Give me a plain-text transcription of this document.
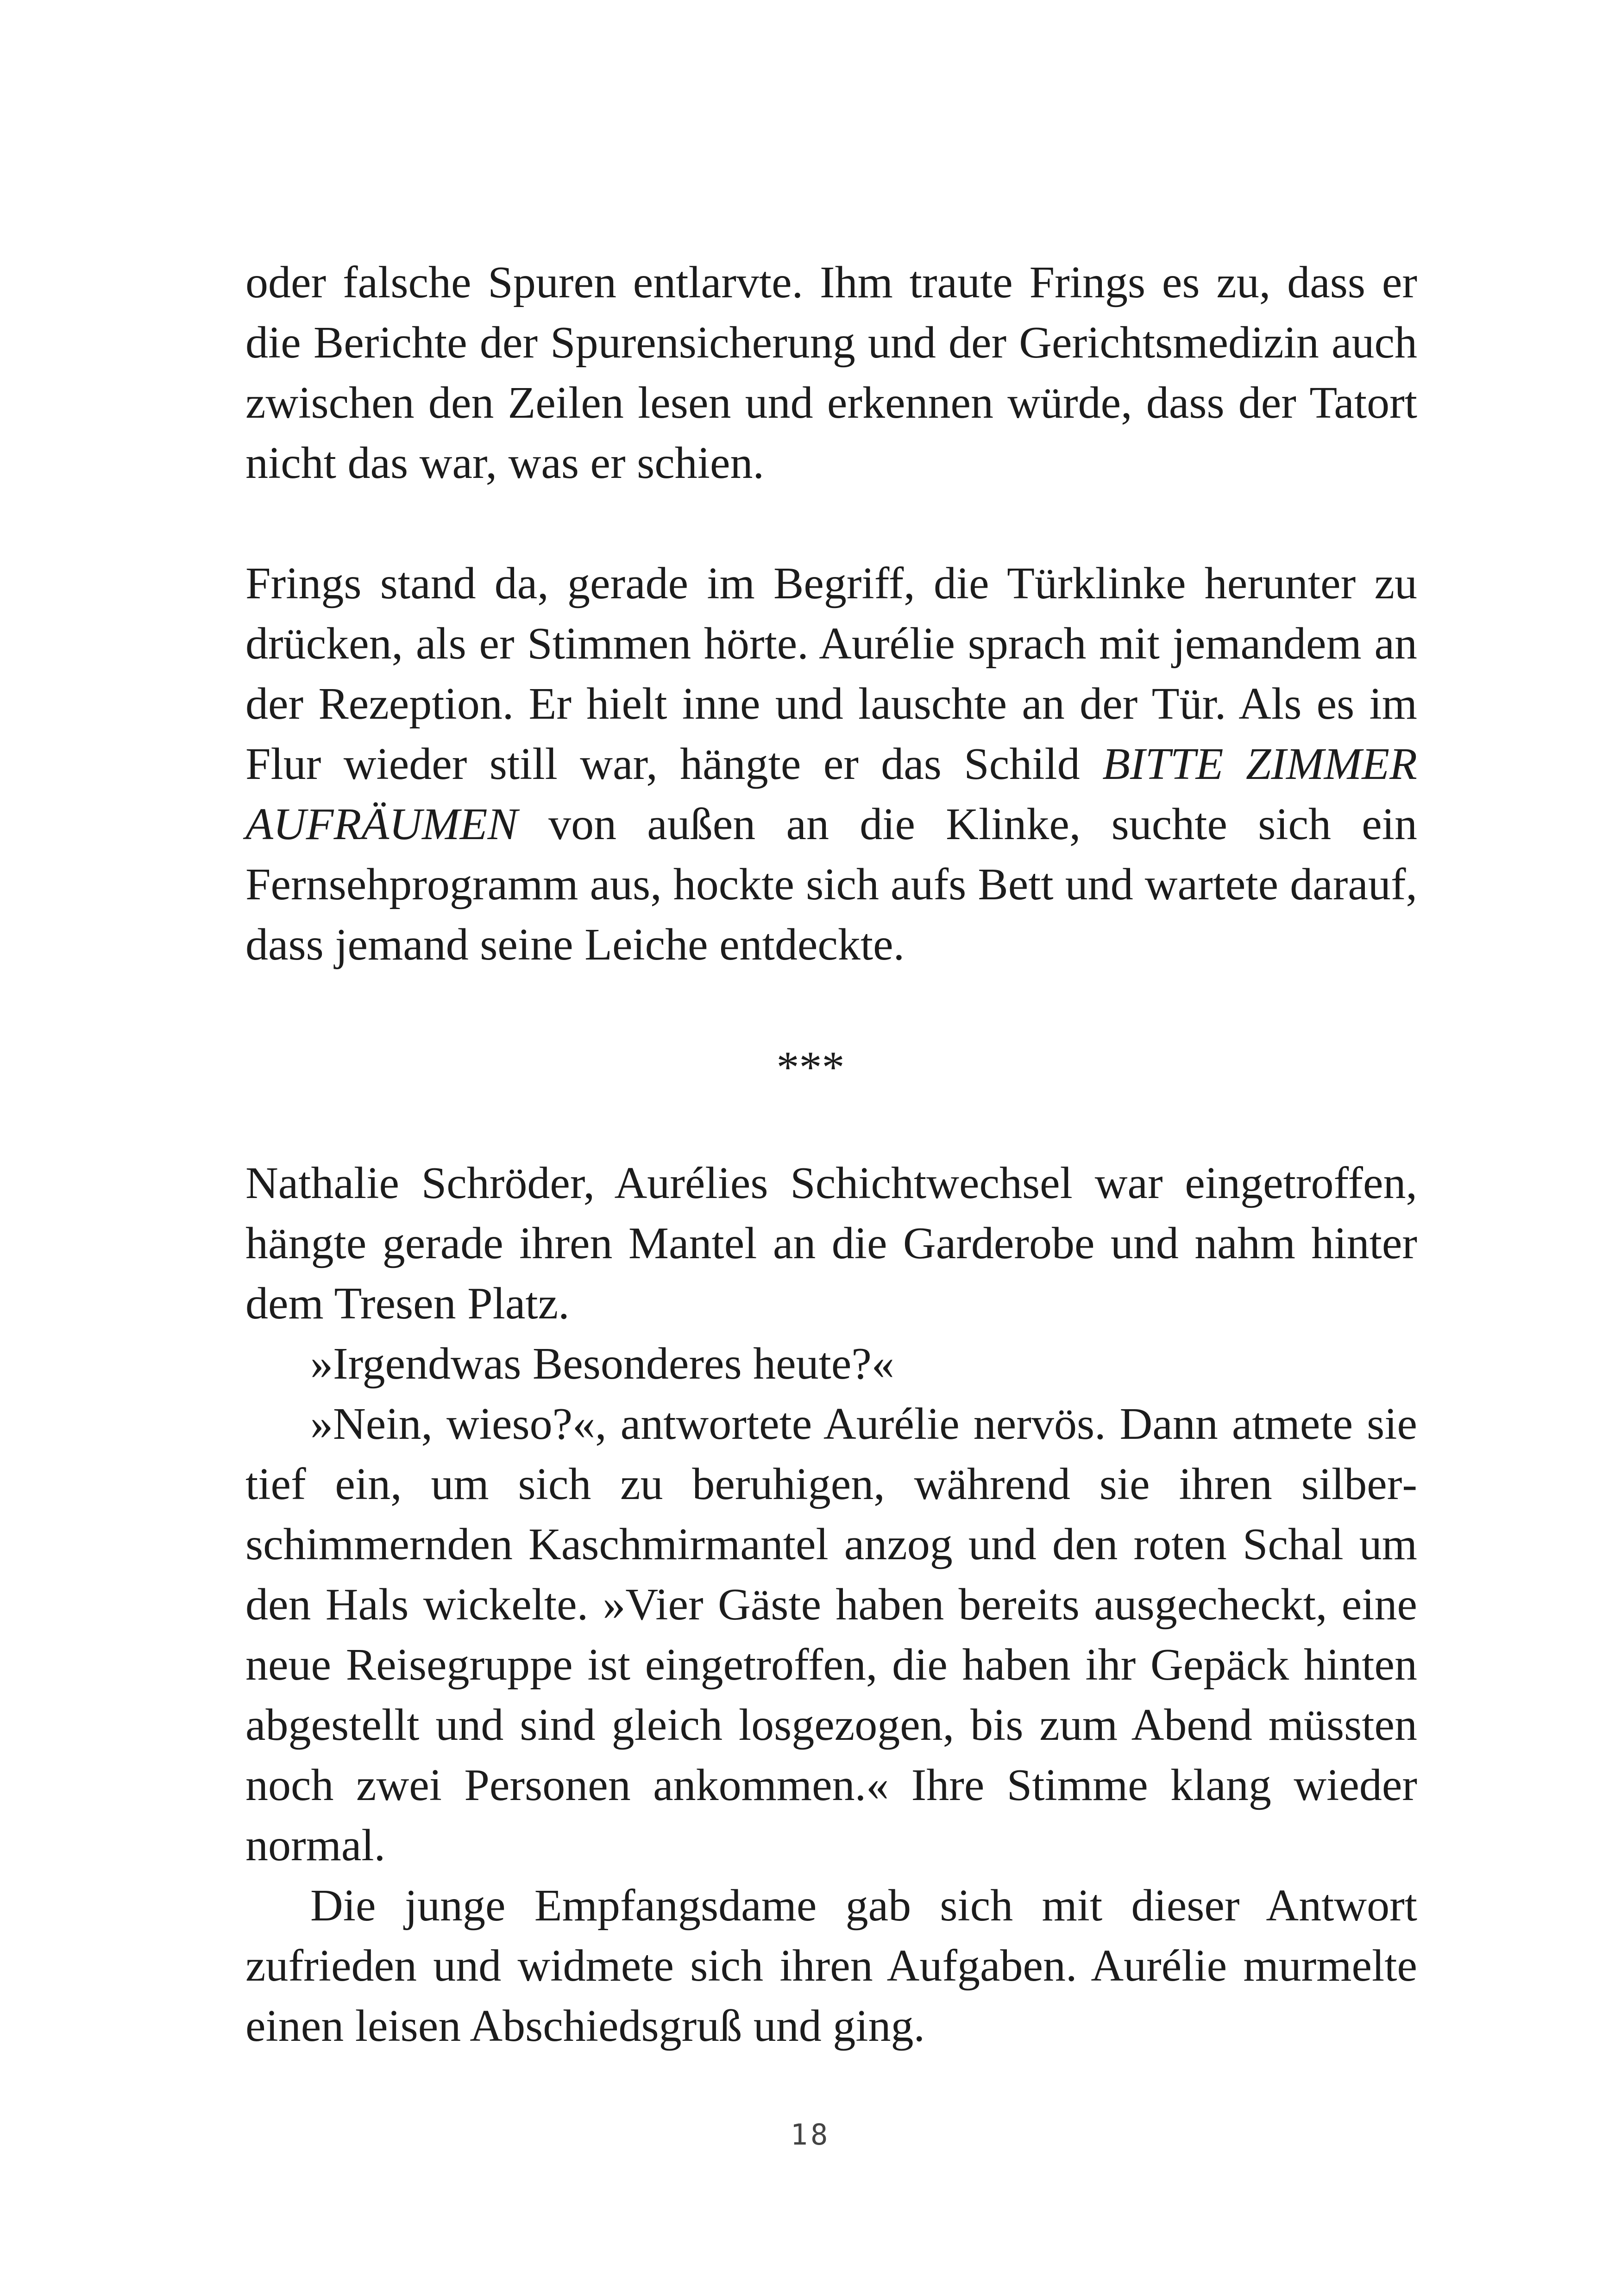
oder falsche Spuren entlarvte. Ihm traute Frings es zu, dass er die Berichte der Spurensicherung und der Gerichtsmedizin auch zwischen den Zeilen lesen und erkennen würde, dass der Tatort nicht das war, was er schien.

Frings stand da, gerade im Begriff, die Türklinke herunter zu drücken, als er Stimmen hörte. Aurélie sprach mit jemandem an der Rezeption. Er hielt inne und lauschte an der Tür. Als es im Flur wieder still war, hängte er das Schild BITTE ZIMMER AUFRÄUMEN von außen an die Klinke, suchte sich ein Fernsehprogramm aus, hockte sich aufs Bett und wartete darauf, dass jemand seine Leiche entdeckte.

***

Nathalie Schröder, Aurélies Schichtwechsel war eingetroffen, hängte gerade ihren Mantel an die Garderobe und nahm hinter dem Tresen Platz.

»Irgendwas Besonderes heute?«

»Nein, wieso?«, antwortete Aurélie nervös. Dann atmete sie tief ein, um sich zu beruhigen, während sie ihren silberschimmernden Kaschmirmantel anzog und den roten Schal um den Hals wickelte. »Vier Gäste haben bereits ausgecheckt, eine neue Reisegruppe ist eingetroffen, die haben ihr Gepäck hinten abgestellt und sind gleich losgezogen, bis zum Abend müssten noch zwei Personen ankommen.« Ihre Stimme klang wieder normal.

Die junge Empfangsdame gab sich mit dieser Antwort zufrieden und widmete sich ihren Aufgaben. Aurélie murmelte einen leisen Abschiedsgruß und ging.

18
